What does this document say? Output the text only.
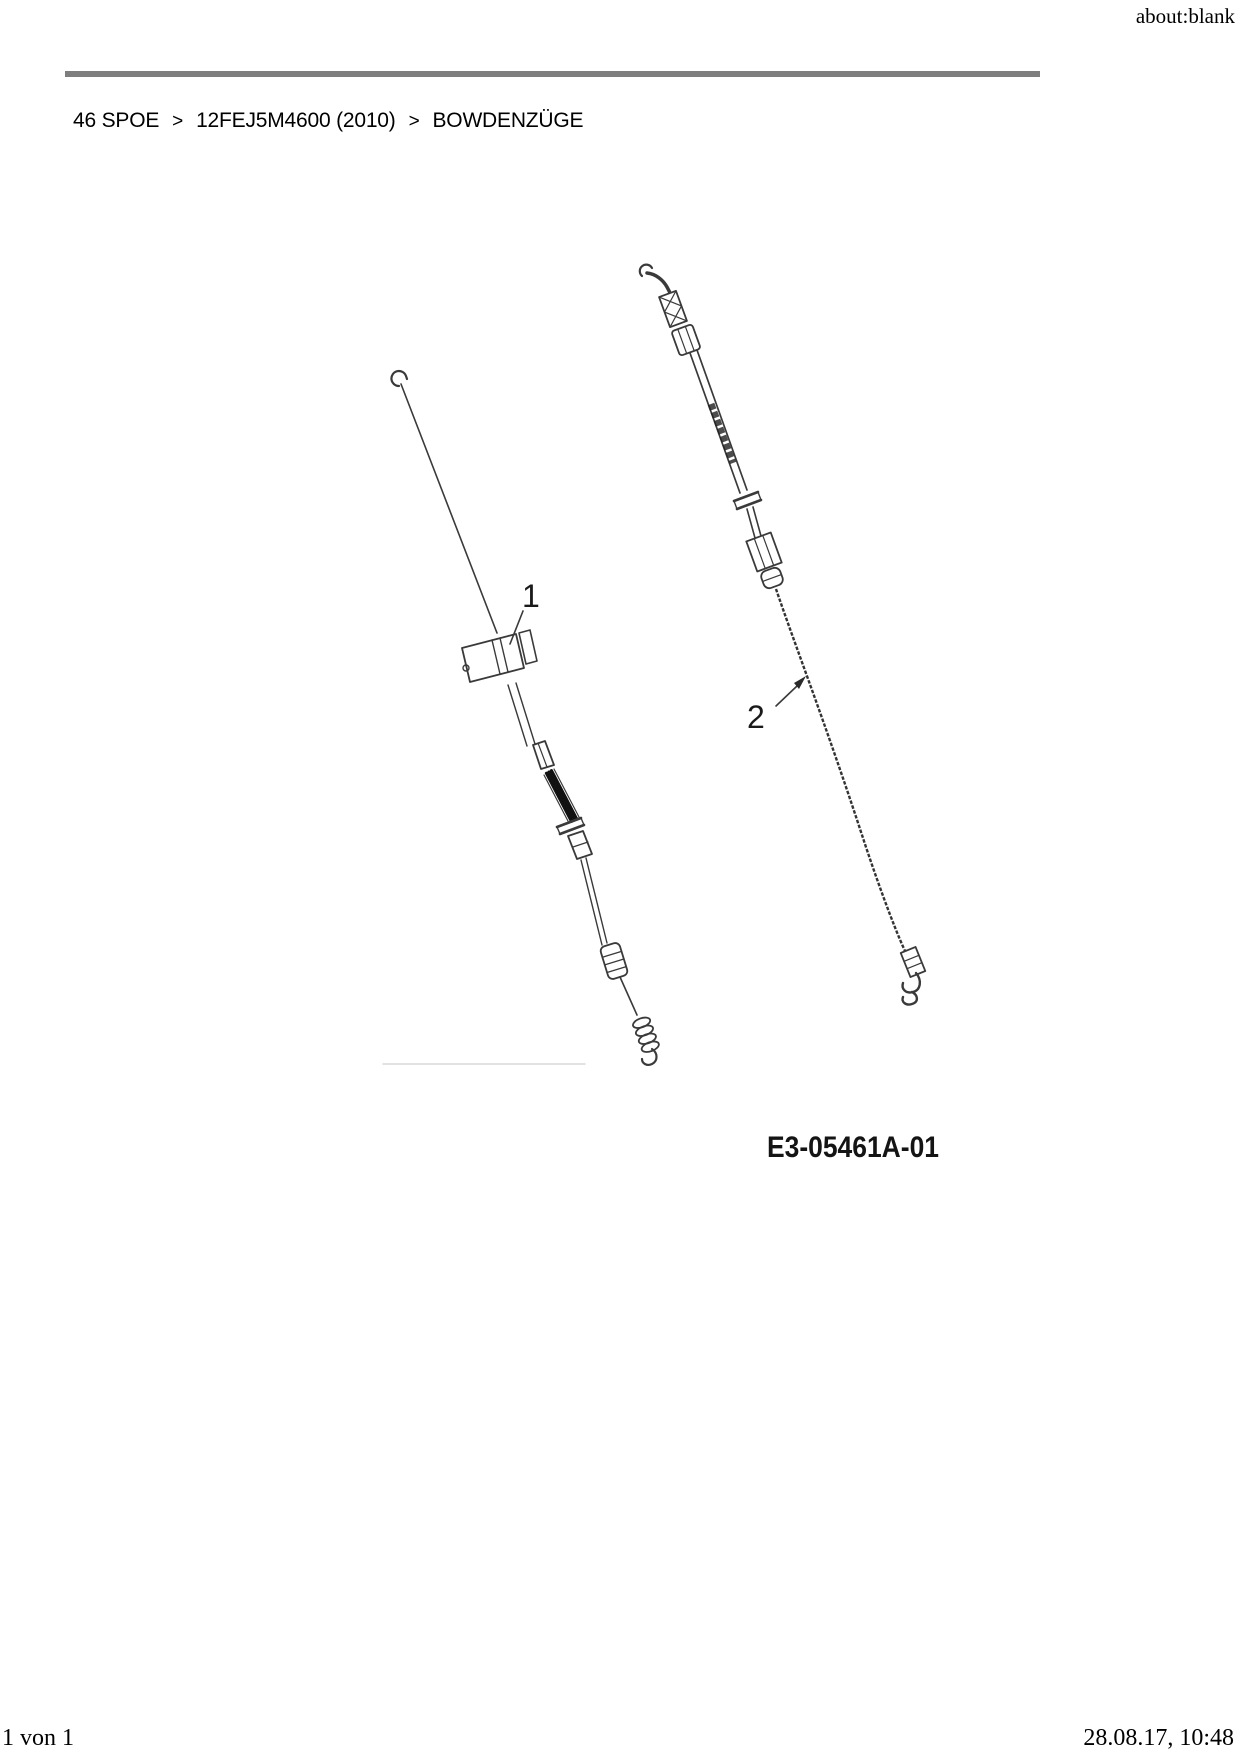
about:blank
46 SPOE > 12FEJ5M4600 (2010) > BOWDENZÜGE
1
2
E3-05461A-01
1 von 1	28.08.17, 10:48
